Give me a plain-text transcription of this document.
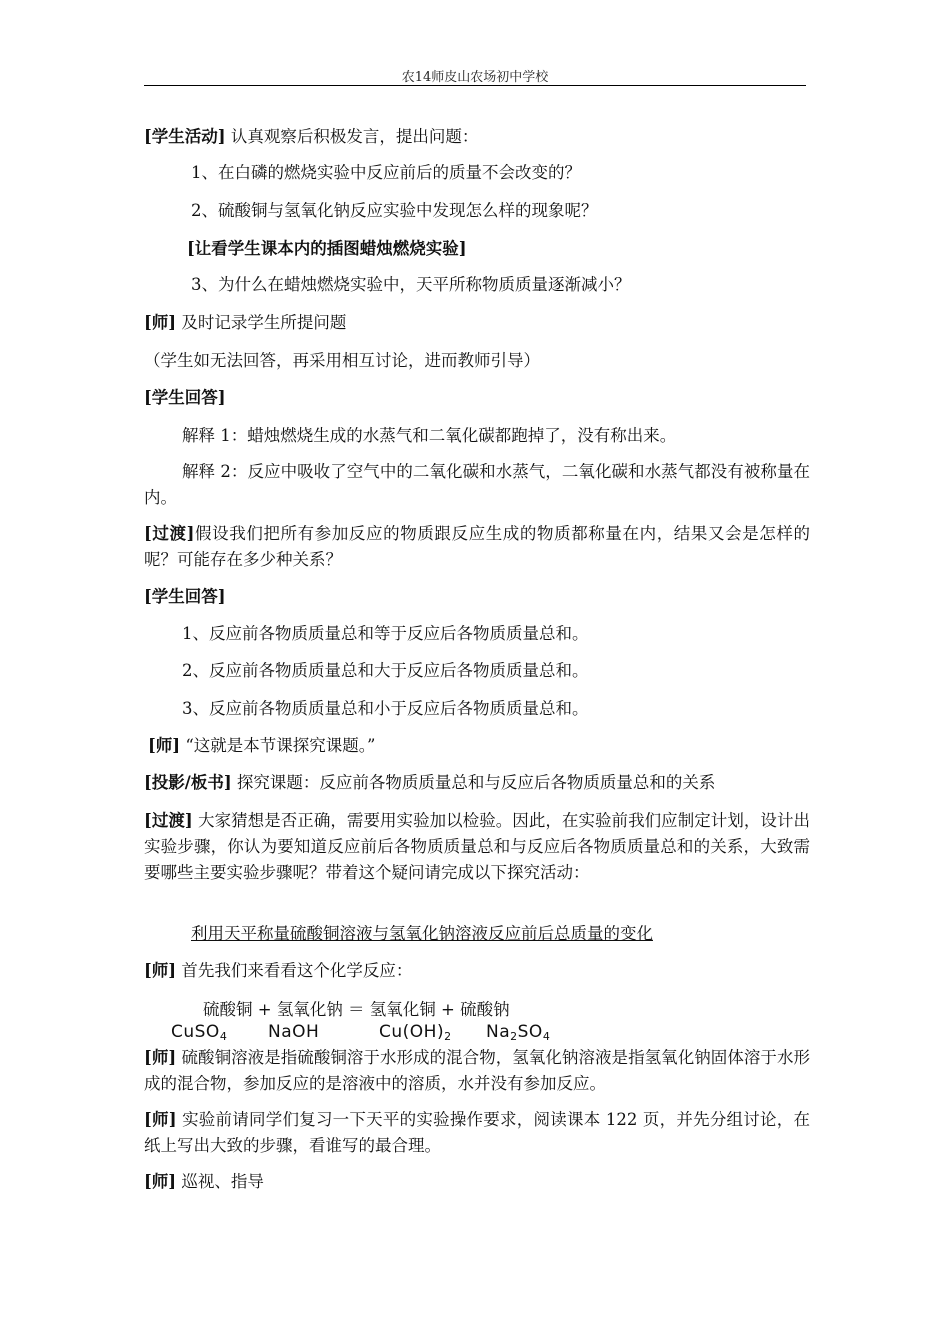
农14师皮山农场初中学校
[学生活动] 认真观察后积极发言，提出问题：
1、在白磷的燃烧实验中反应前后的质量不会改变的？
2、硫酸铜与氢氧化钠反应实验中发现怎么样的现象呢？
[让看学生课本内的插图蜡烛燃烧实验]
3、为什么在蜡烛燃烧实验中，天平所称物质质量逐渐减小？
[师] 及时记录学生所提问题
（学生如无法回答，再采用相互讨论，进而教师引导）
[学生回答]
解释 1：蜡烛燃烧生成的水蒸气和二氧化碳都跑掉了，没有称出来。
解释 2：反应中吸收了空气中的二氧化碳和水蒸气，二氧化碳和水蒸气都没有被称量在内。
[过渡]假设我们把所有参加反应的物质跟反应生成的物质都称量在内，结果又会是怎样的呢？可能存在多少种关系？
[学生回答]
1、反应前各物质质量总和等于反应后各物质质量总和。
2、反应前各物质质量总和大于反应后各物质质量总和。
3、反应前各物质质量总和小于反应后各物质质量总和。
[师] “这就是本节课探究课题。”
[投影/板书] 探究课题：反应前各物质质量总和与反应后各物质质量总和的关系
[过渡] 大家猜想是否正确，需要用实验加以检验。因此，在实验前我们应制定计划，设计出实验步骤，你认为要知道反应前后各物质质量总和与反应后各物质质量总和的关系，大致需要哪些主要实验步骤呢？带着这个疑问请完成以下探究活动：
利用天平称量硫酸铜溶液与氢氧化钠溶液反应前后总质量的变化
[师] 首先我们来看看这个化学反应：
硫酸铜 + 氢氧化钠 ＝ 氢氧化铜 + 硫酸钠
CuSO$_4$ NaOH	$Cu(OH)_2$ $Na_2SO_4$
[师] 硫酸铜溶液是指硫酸铜溶于水形成的混合物，氢氧化钠溶液是指氢氧化钠固体溶于水形成的混合物，参加反应的是溶液中的溶质，水并没有参加反应。
[师] 实验前请同学们复习一下天平的实验操作要求，阅读课本 122 页，并先分组讨论，在纸上写出大致的步骤，看谁写的最合理。
[师] 巡视、指导
